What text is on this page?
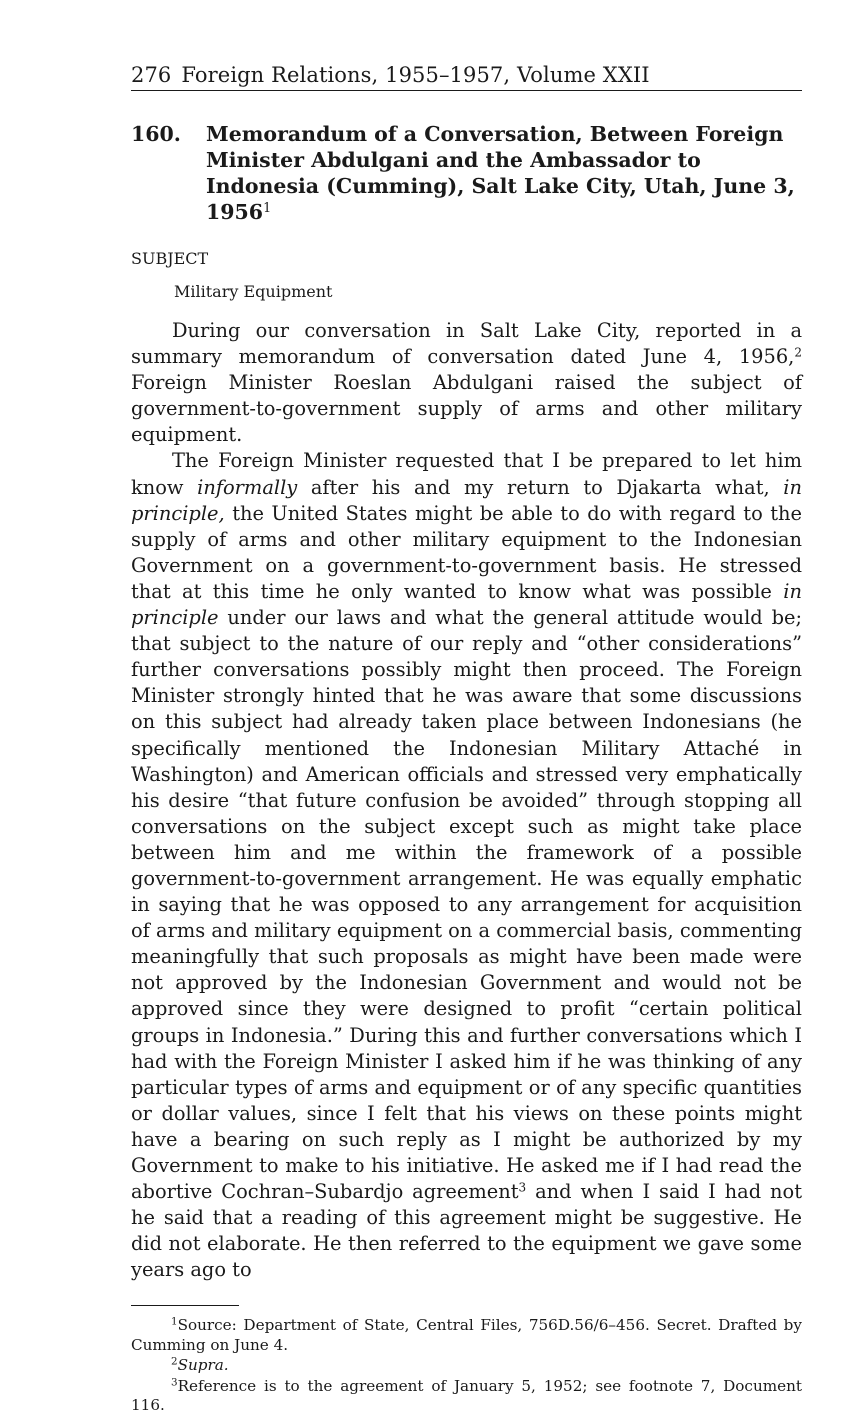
276 Foreign Relations, 1955–1957, Volume XXII
160.	Memorandum of a Conversation, Between Foreign Minister Abdulgani and the Ambassador to Indonesia (Cumming), Salt Lake City, Utah, June 3, 1956$^1$
SUBJECT
Military Equipment

During our conversation in Salt Lake City, reported in a summary memorandum of conversation dated June 4, 1956,$^2$ Foreign Minister Roeslan Abdulgani raised the subject of government-to-government supply of arms and other military equipment.

The Foreign Minister requested that I be prepared to let him know informally after his and my return to Djakarta what, in principle, the United States might be able to do with regard to the supply of arms and other military equipment to the Indonesian Government on a government-to-government basis. He stressed that at this time he only wanted to know what was possible in principle under our laws and what the general attitude would be; that subject to the nature of our reply and “other considerations” further conversations possibly might then proceed. The Foreign Minister strongly hinted that he was aware that some discussions on this subject had already taken place between Indonesians (he specifically mentioned the Indonesian Military Attaché in Washington) and American officials and stressed very emphatically his desire “that future confusion be avoided” through stopping all conversations on the subject except such as might take place between him and me within the framework of a possible government-to-government arrangement. He was equally emphatic in saying that he was opposed to any arrangement for acquisition of arms and military equipment on a commercial basis, commenting meaningfully that such proposals as might have been made were not approved by the Indonesian Government and would not be approved since they were designed to profit “certain political groups in Indonesia.” During this and further conversations which I had with the Foreign Minister I asked him if he was thinking of any particular types of arms and equipment or of any specific quantities or dollar values, since I felt that his views on these points might have a bearing on such reply as I might be authorized by my Government to make to his initiative. He asked me if I had read the abortive Cochran–Subardjo agreement$^3$ and when I said I had not he said that a reading of this agreement might be suggestive. He did not elaborate. He then referred to the equipment we gave some years ago to

$^1$Source: Department of State, Central Files, 756D.56/6–456. Secret. Drafted by Cumming on June 4.

$^2$Supra.

$^3$Reference is to the agreement of January 5, 1952; see footnote 7, Document 116.
